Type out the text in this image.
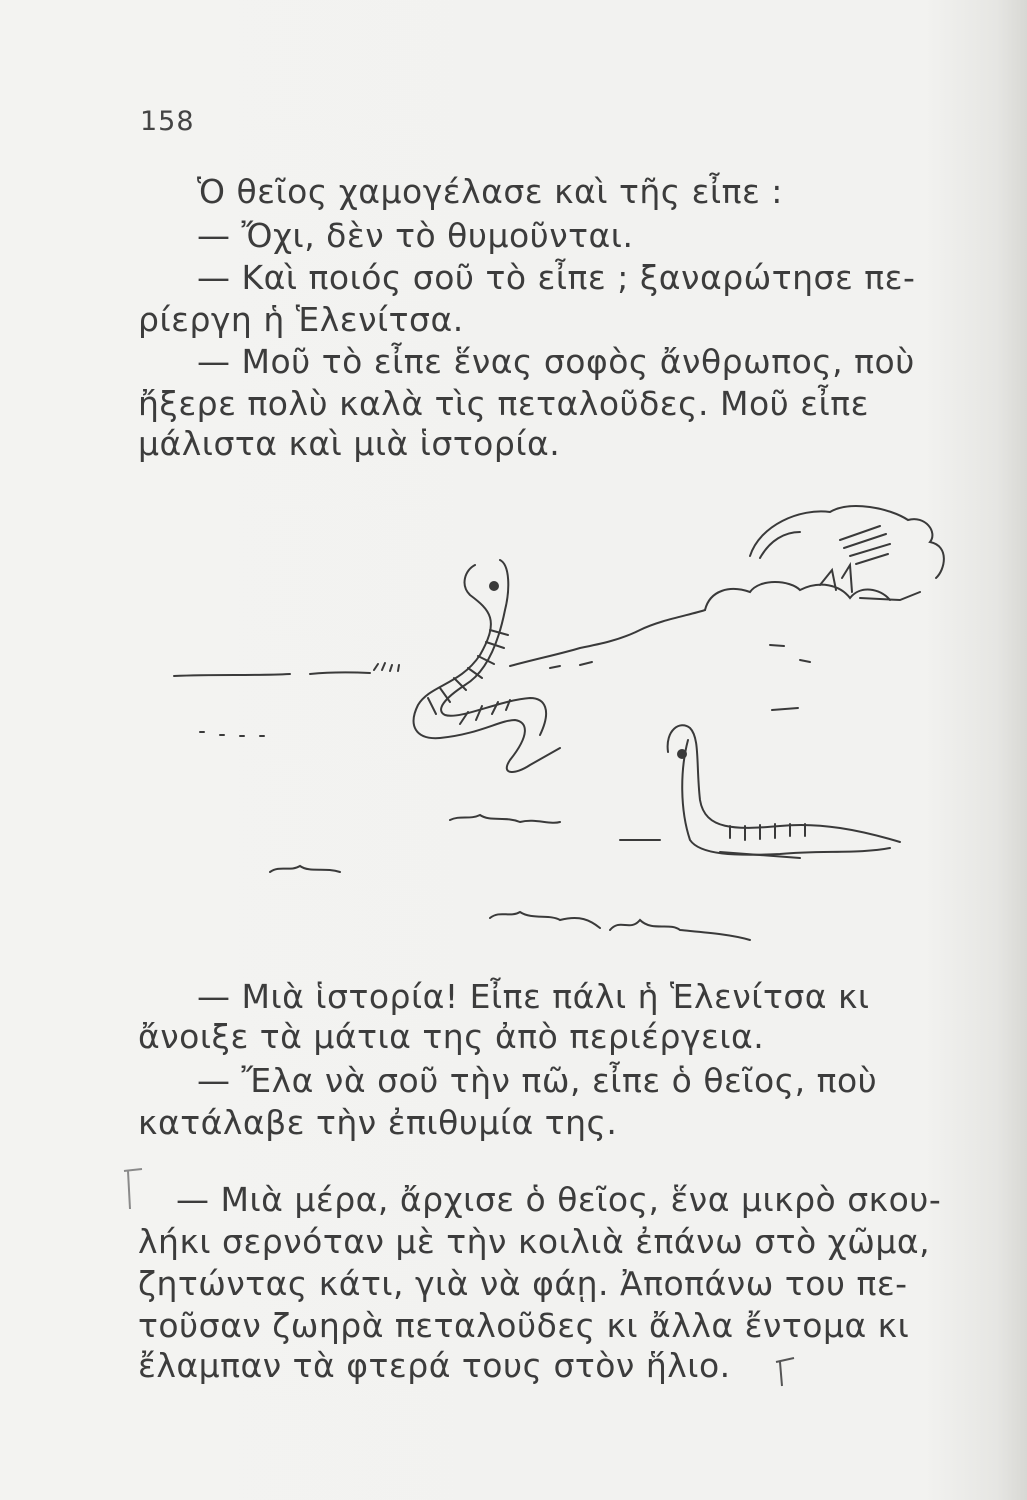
158
Ὁ θεῖος χαμογέλασε καὶ τῆς εἶπε :
— Ὄχι, δὲν τὸ θυμοῦνται.
— Καὶ ποιός σοῦ τὸ εἶπε ; ξαναρώτησε πε-
ρίεργη ἡ Ἑλενίτσα.
— Μοῦ τὸ εἶπε ἕνας σοφὸς ἄνθρωπος, ποὺ
ἤξερε πολὺ καλὰ τὶς πεταλοῦδες. Μοῦ εἶπε
μάλιστα καὶ μιὰ ἱστορία.
— Μιὰ ἱστορία! Εἶπε πάλι ἡ Ἑλενίτσα κι
ἄνοιξε τὰ μάτια της ἀπὸ περιέργεια.
— Ἔλα νὰ σοῦ τὴν πῶ, εἶπε ὁ θεῖος, ποὺ
κατάλαβε τὴν ἐπιθυμία της.
— Μιὰ μέρα, ἄρχισε ὁ θεῖος, ἕνα μικρὸ σκου-
λήκι σερνόταν μὲ τὴν κοιλιὰ ἐπάνω στὸ χῶμα,
ζητώντας κάτι, γιὰ νὰ φάῃ. Ἀποπάνω του πε-
τοῦσαν ζωηρὰ πεταλοῦδες κι ἄλλα ἔντομα κι
ἔλαμπαν τὰ φτερά τους στὸν ἥλιο.
